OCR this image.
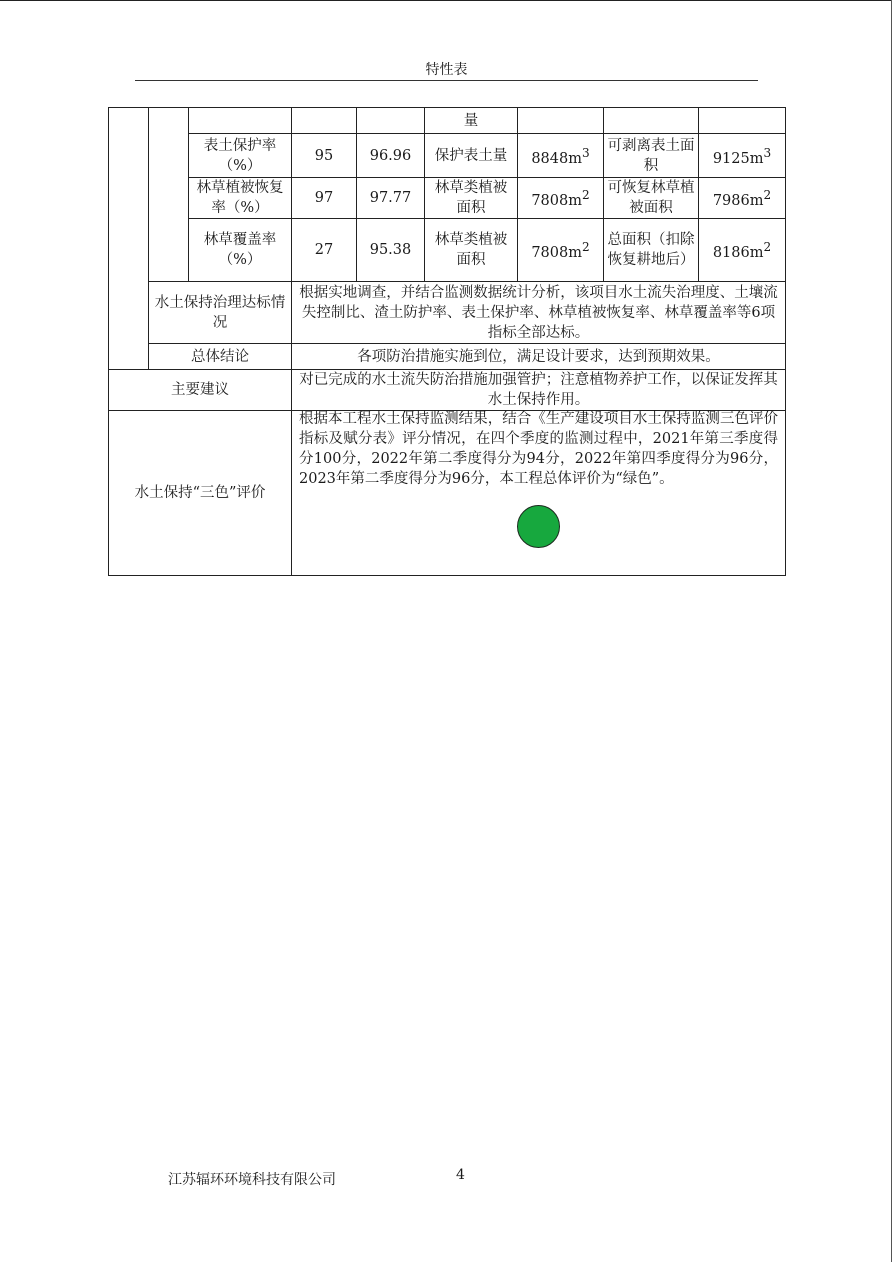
特性表
					量			
		表土保护率（%）	95	96.96	保护表土量	$8848m^3$	可剥离表土面积	$9125m^3$
		林草植被恢复率（%）	97	97.77	林草类植被面积	$7808m^2$	可恢复林草植被面积	$7986m^2$
		林草覆盖率（%）	27	95.38	林草类植被面积	$7808m^2$	总面积（扣除恢复耕地后）	$8186m^2$
	水土保持治理达标情况		根据实地调查，并结合监测数据统计分析，该项目水土流失治理度、土壤流失控制比、渣土防护率、表土保护率、林草植被恢复率、林草覆盖率等6项指标全部达标。					
	总体结论		各项防治措施实施到位，满足设计要求，达到预期效果。					
主要建议			对已完成的水土流失防治措施加强管护；注意植物养护工作，以保证发挥其水土保持作用。					
水土保持“三色”评价			根据本工程水土保持监测结果，结合《生产建设项目水土保持监测三色评价指标及赋分表》评分情况，在四个季度的监测过程中，2021年第三季度得分100分，2022年第二季度得分为94分，2022年第四季度得分为96分，2023年第二季度得分为96分，本工程总体评价为“绿色”。					
江苏辐环环境科技有限公司	4
